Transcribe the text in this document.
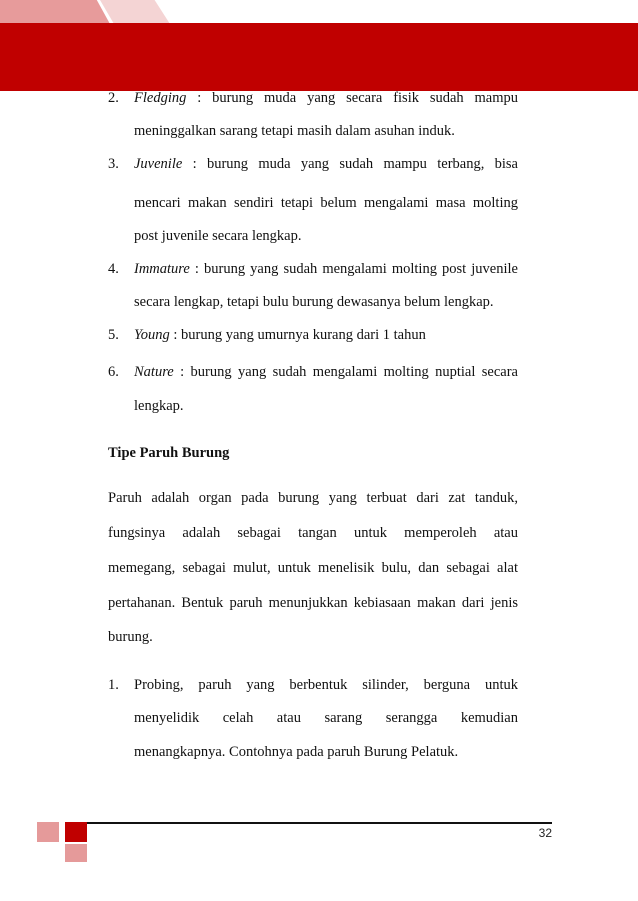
2. Fledging : burung muda yang secara fisik sudah mampu
meninggalkan sarang tetapi masih dalam asuhan induk.
3. Juvenile : burung muda yang sudah mampu terbang, bisa
mencari makan sendiri tetapi belum mengalami masa molting
post juvenile secara lengkap.
4. Immature : burung yang sudah mengalami molting post juvenile
secara lengkap, tetapi bulu burung dewasanya belum lengkap.
5. Young : burung yang umurnya kurang dari 1 tahun
6. Nature : burung yang sudah mengalami molting nuptial secara
lengkap.
Tipe Paruh Burung
Paruh adalah organ pada burung yang terbuat dari zat tanduk,
fungsinya adalah sebagai tangan untuk memperoleh atau
memegang, sebagai mulut, untuk menelisik bulu, dan sebagai alat
pertahanan. Bentuk paruh menunjukkan kebiasaan makan dari jenis
burung.
1. Probing, paruh yang berbentuk silinder, berguna untuk
menyelidik celah atau sarang serangga kemudian
menangkapnya. Contohnya pada paruh Burung Pelatuk.
32
